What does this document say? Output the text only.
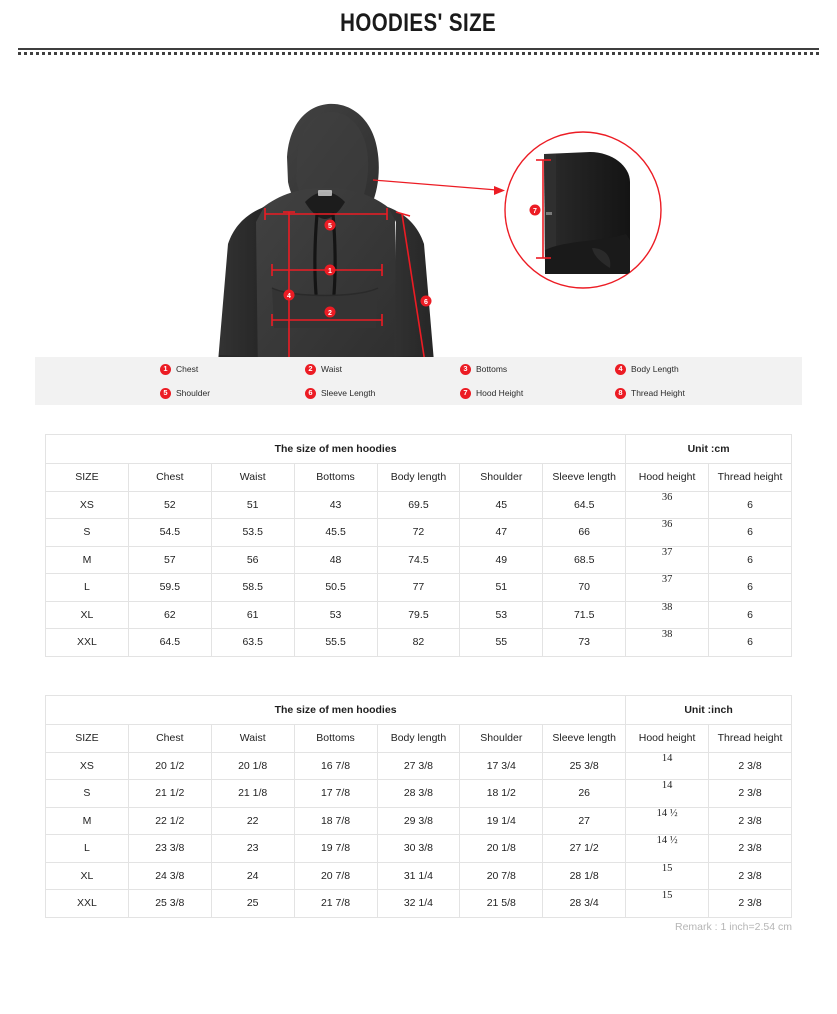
HOODIES' SIZE
7
5
1
2
4
6
1 Chest	2 Waist	3 Bottoms	4 Body Length
5 Shoulder	6 Sleeve Length	7 Hood Height	8 Thread Height
The size of men hoodies							Unit :cm	
SIZE	Chest	Waist	Bottoms	Body length	Shoulder	Sleeve length	Hood height	Thread height
XS	52	51	43	69.5	45	64.5	36	6
S	54.5	53.5	45.5	72	47	66	36	6
M	57	56	48	74.5	49	68.5	37	6
L	59.5	58.5	50.5	77	51	70	37	6
XL	62	61	53	79.5	53	71.5	38	6
XXL	64.5	63.5	55.5	82	55	73	38	6
The size of men hoodies							Unit :inch	
SIZE	Chest	Waist	Bottoms	Body length	Shoulder	Sleeve length	Hood height	Thread height
XS	20 1/2	20 1/8	16 7/8	27 3/8	17 3/4	25 3/8	14	2 3/8
S	21 1/2	21 1/8	17 7/8	28 3/8	18 1/2	26	14	2 3/8
M	22 1/2	22	18 7/8	29 3/8	19 1/4	27	14 ½	2 3/8
L	23 3/8	23	19 7/8	30 3/8	20 1/8	27 1/2	14 ½	2 3/8
XL	24 3/8	24	20 7/8	31 1/4	20 7/8	28 1/8	15	2 3/8
XXL	25 3/8	25	21 7/8	32 1/4	21 5/8	28 3/4	15	2 3/8
Remark : 1 inch=2.54 cm
